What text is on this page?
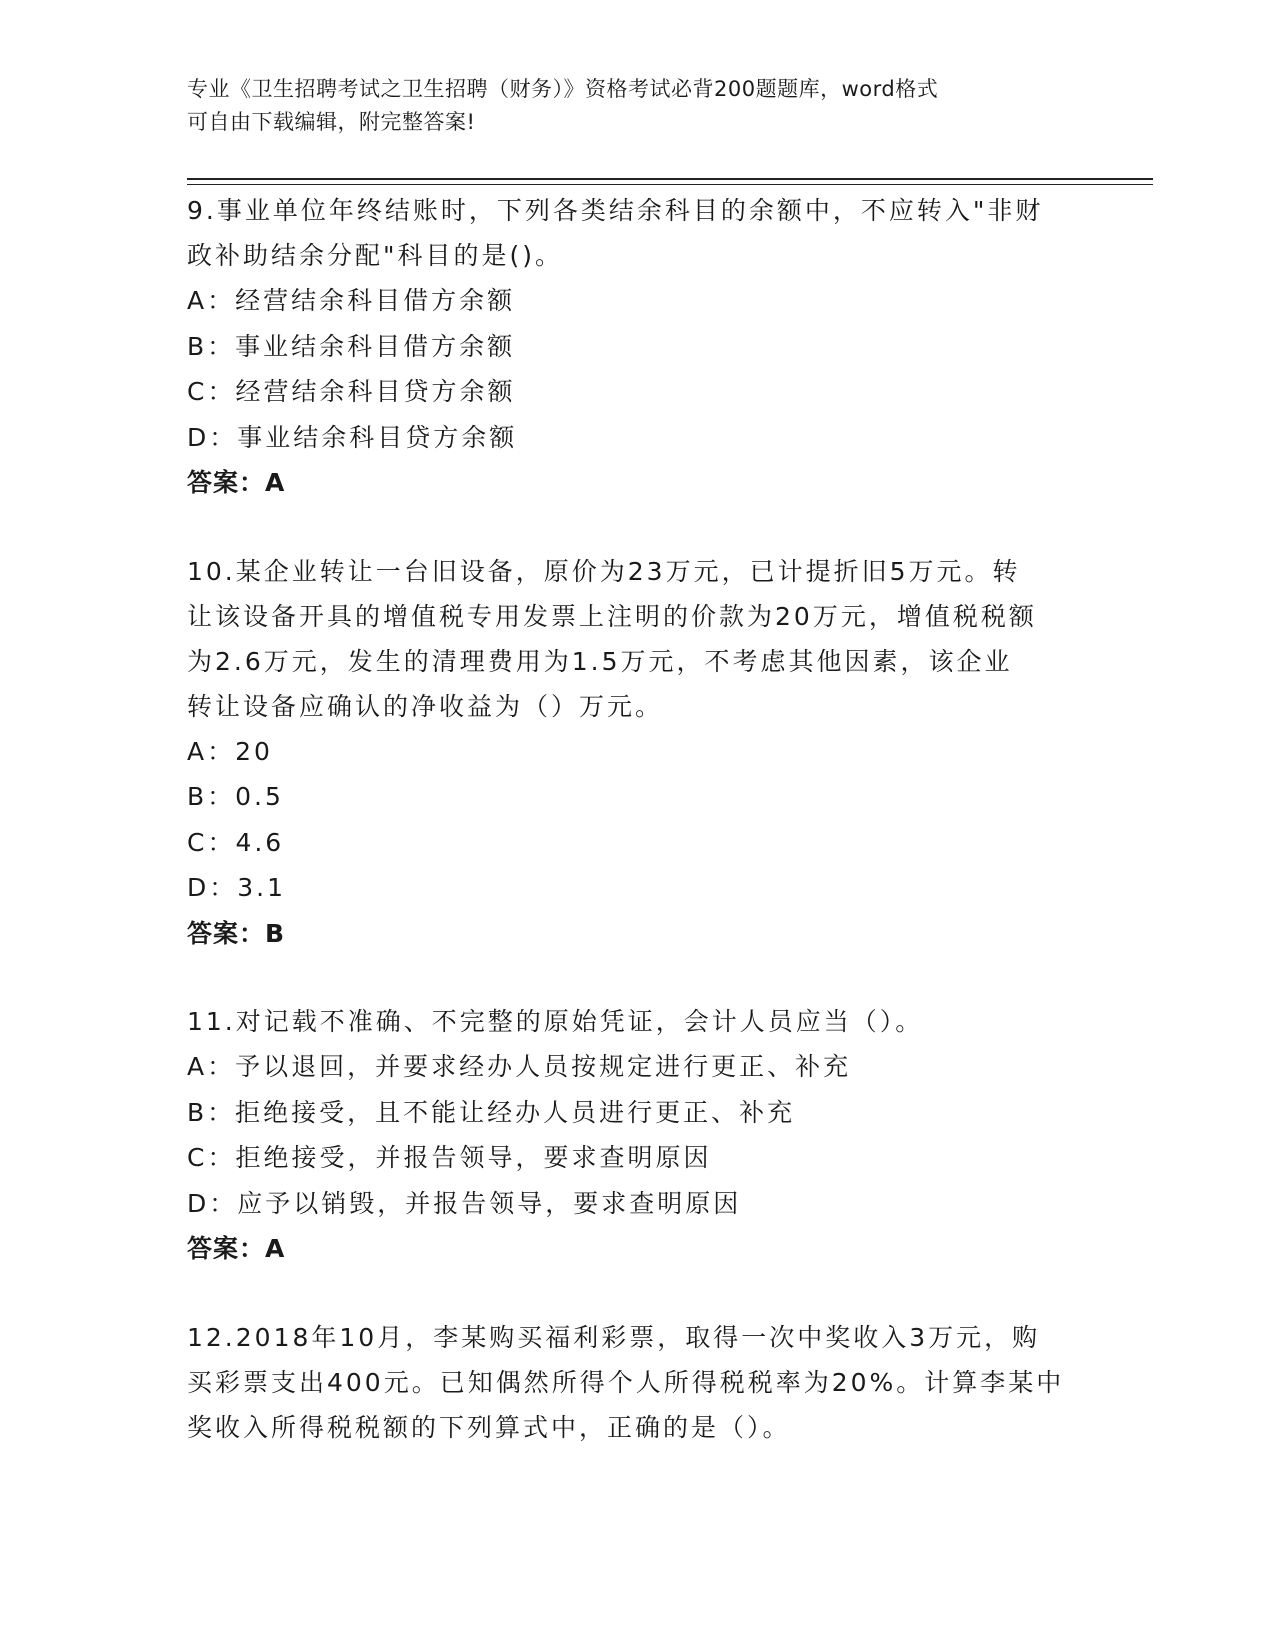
专业《卫生招聘考试之卫生招聘（财务）》资格考试必背200题题库，word格式
可自由下载编辑，附完整答案!

9.事业单位年终结账时，下列各类结余科目的余额中，不应转入"非财

政补助结余分配"科目的是()。

A：经营结余科目借方余额

B：事业结余科目借方余额

C：经营结余科目贷方余额

D：事业结余科目贷方余额

答案：A

10.某企业转让一台旧设备，原价为23万元，已计提折旧5万元。转

让该设备开具的增值税专用发票上注明的价款为20万元，增值税税额

为2.6万元，发生的清理费用为1.5万元，不考虑其他因素，该企业

转让设备应确认的净收益为（）万元。

A：20

B：0.5

C：4.6

D：3.1

答案：B

11.对记载不准确、不完整的原始凭证，会计人员应当（）。

A：予以退回，并要求经办人员按规定进行更正、补充

B：拒绝接受，且不能让经办人员进行更正、补充

C：拒绝接受，并报告领导，要求查明原因

D：应予以销毁，并报告领导，要求查明原因

答案：A

12.2018年10月，李某购买福利彩票，取得一次中奖收入3万元，购

买彩票支出400元。已知偶然所得个人所得税税率为20%。计算李某中

奖收入所得税税额的下列算式中，正确的是（）。
